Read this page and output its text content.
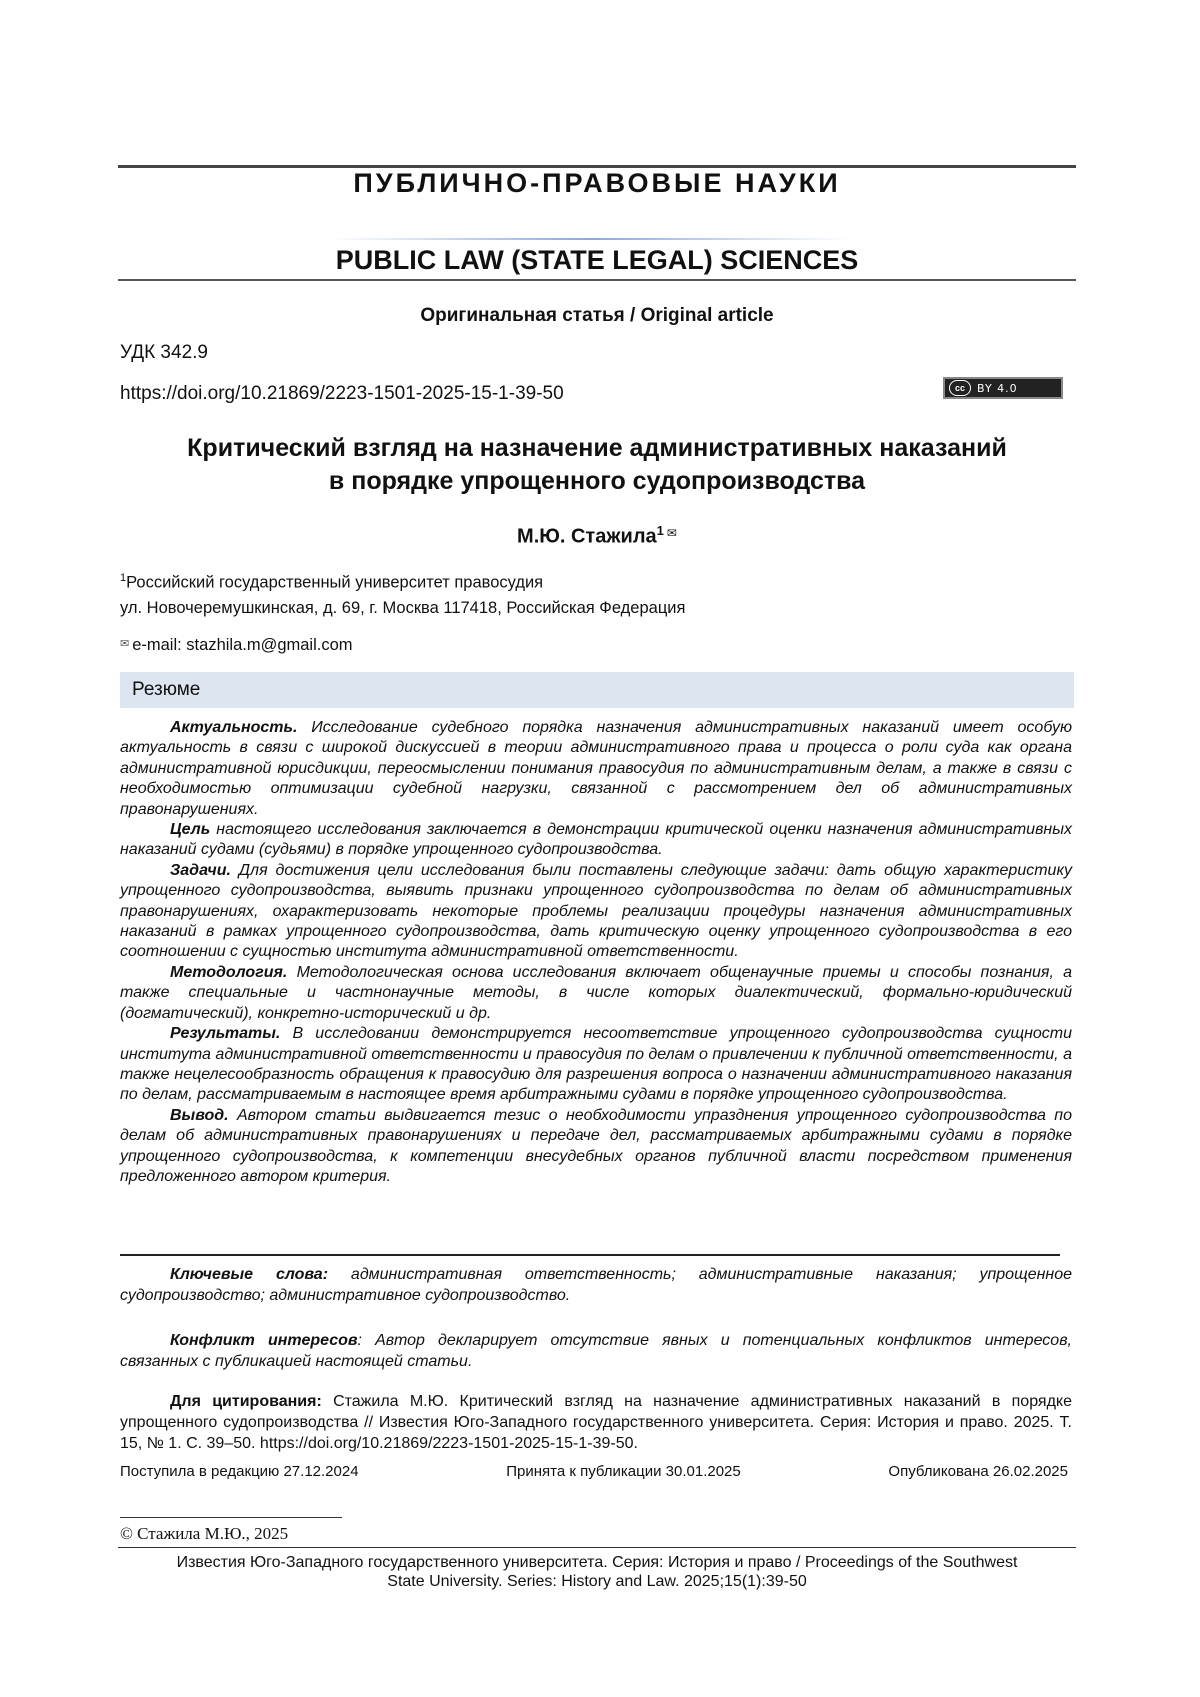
ПУБЛИЧНО-ПРАВОВЫЕ НАУКИ
PUBLIC LAW (STATE LEGAL) SCIENCES
Оригинальная статья / Original article
УДК 342.9
https://doi.org/10.21869/2223-1501-2025-15-1-39-50	cc	BY 4.0
Критический взгляд на назначение административных наказаний
в порядке упрощенного судопроизводства
М.Ю. Стажила$^1$ ✉
$^1$Российский государственный университет правосудия
ул. Новочеремушкинская, д. 69, г. Москва 117418, Российская Федерация
✉ e-mail: stazhila.m@gmail.com
Резюме

Актуальность. Исследование судебного порядка назначения административных наказаний имеет особую актуальность в связи с широкой дискуссией в теории административного права и процесса о роли суда как органа административной юрисдикции, переосмыслении понимания правосудия по административным делам, а также в связи с необходимостью оптимизации судебной нагрузки, связанной с рассмотрением дел об административных правонарушениях.

Цель настоящего исследования заключается в демонстрации критической оценки назначения административных наказаний судами (судьями) в порядке упрощенного судопроизводства.

Задачи. Для достижения цели исследования были поставлены следующие задачи: дать общую характеристику упрощенного судопроизводства, выявить признаки упрощенного судопроизводства по делам об административных правонарушениях, охарактеризовать некоторые проблемы реализации процедуры назначения административных наказаний в рамках упрощенного судопроизводства, дать критическую оценку упрощенного судопроизводства в его соотношении с сущностью института административной ответственности.

Методология. Методологическая основа исследования включает общенаучные приемы и способы познания, а также специальные и частнонаучные методы, в числе которых диалектический, формально-юридический (догматический), конкретно-исторический и др.

Результаты. В исследовании демонстрируется несоответствие упрощенного судопроизводства сущности института административной ответственности и правосудия по делам о привлечении к публичной ответственности, а также нецелесообразность обращения к правосудию для разрешения вопроса о назначении административного наказания по делам, рассматриваемым в настоящее время арбитражными судами в порядке упрощенного судопроизводства.

Вывод. Автором статьи выдвигается тезис о необходимости упразднения упрощенного судопроизводства по делам об административных правонарушениях и передаче дел, рассматриваемых арбитражными судами в порядке упрощенного судопроизводства, к компетенции внесудебных органов публичной власти посредством применения предложенного автором критерия.

Ключевые слова: административная ответственность; административные наказания; упрощенное судопроизводство; административное судопроизводство.

Конфликт интересов: Автор декларирует отсутствие явных и потенциальных конфликтов интересов, связанных с публикацией настоящей статьи.

Для цитирования: Стажила М.Ю. Критический взгляд на назначение административных наказаний в порядке упрощенного судопроизводства // Известия Юго-Западного государственного университета. Серия: История и право. 2025. Т. 15, № 1. С. 39–50. https://doi.org/10.21869/2223-1501-2025-15-1-39-50.

Поступила в редакцию 27.12.2024	Принята к публикации 30.01.2025	Опубликована 26.02.2025
© Стажила М.Ю., 2025
Известия Юго-Западного государственного университета. Серия: История и право / Proceedings of the Southwest
State University. Series: History and Law. 2025;15(1):39-50
